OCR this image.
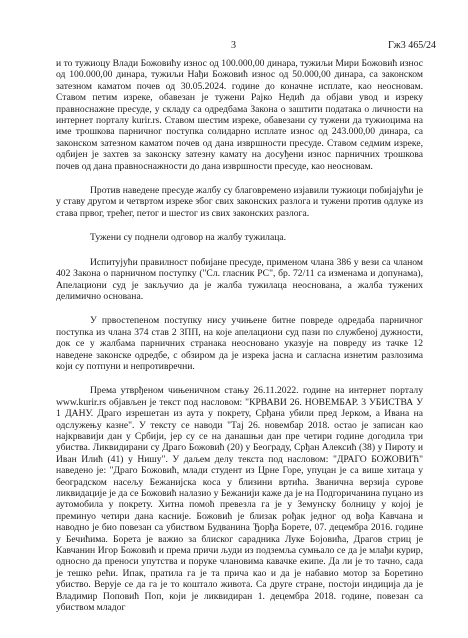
3	Гж3 465/24

и то тужиоцу Влади Божовићу износ од 100.000,00 динара, тужиљи Мири Божовић износ од 100.000,00 динара, тужиљи Нађи Божовић износ од 50.000,00 динара, са законском затезном каматом почев од 30.05.2024. године до коначне исплате, као неосновам. Ставом петим изреке, обавезан је тужени Рајко Недић да објави увод и изреку правноснажне пресуде, у складу са одредбама Закона о заштити података о личности на интернет порталу kurir.rs. Ставом шестим изреке, обавезани су тужени да тужиоцима на име трошкова парничног поступка солидарно исплате износ од 243.000,00 динара, са законском затезном каматом почев од дана извршности пресуде. Ставом седмим изреке, одбијен је захтев за законску затезну камату на досуђени износ парничних трошкова почев од дана правноснажности до дана извршности пресуде, као неосновам.

Против наведене пресуде жалбу су благовремено изјавили тужиоци побијајући је у ставу другом и четвртом изреке због свих законских разлога и тужени против одлуке из става првог, трећег, петог и шестог из свих законских разлога.

Тужени су поднели одговор на жалбу тужилаца.

Испитујући правилност побијане пресуде, применом члана 386 у вези са чланом 402 Закона о парничном поступку ("Сл. гласник РС", бр. 72/11 са изменама и допунама), Апелациони суд је закључио да је жалба тужилаца неоснована, а жалба тужених делимично основана.

У првостепеном поступку нису учињене битне повреде одредаба парничног поступка из члана 374 став 2 ЗПП, на које апелациони суд пази по службеној дужности, док се у жалбама парничних странака неосновано указује на повреду из тачке 12 наведене законске одредбе, с обзиром да је изрека јасна и сагласна изнетим разлозима који су потпуни и непротивречни.

Према утврђеном чињеничном стању 26.11.2022. године на интернет порталу www.kurir.rs објављен је текст под насловом: "КРВАВИ 26. НОВЕМБАР. 3 УБИСТВА У 1 ДАНУ. Драго изрешетан из аута у покрету, Срђана убили пред Јерком, а Ивана на одслужењу казне". У тексту се наводи "Тај 26. новембар 2018. остао је записан као најкрвавији дан у Србији, јер су се на данашњи дан пре четири године догодила три убиства. Ликвидирани су Драго Божовић (20) у Београду, Срђан Алексић (38) у Пироту и Иван Илић (41) у Нишу". У даљем делу текста под насловом: "ДРАГО БОЖОВИЋ" наведено је: "Драго Божовић, млади студент из Црне Горе, упуцан је са више хитаца у београдском насељу Бежанијска коса у близини вртића. Званична верзија сурове ликвидације је да се Божовић налазио у Бежанији каже да је на Подгоричанина пуцано из аутомобила у покрету. Хитна помоћ превезла га је у Земунску болницу у којој је преминуо четири дана касније. Божовић је близак рођак једног од вођа Кавчана и наводно је био повезан са убиством Будванина Ђорђа Борете, 07. децембра 2016. године у Бечићима. Борета је важио за блиског сарадника Луке Бојовића, Драгов стриц је Кавчанин Игор Божовић и према причи људи из подземља сумњало се да је млађи курир, односно да преноси упутства и поруке члановима кавачке екипе. Да ли је то тачно, сада је тешко рећи. Ипак, пратила га је та прича као и да је набавио мотор за Боретино убиство. Верује се да га је то коштало живота. Са друге стране, постоји индиција да је Владимир Поповић Поп, који је ликвидиран 1. децембра 2018. године, повезан са убиством младог
